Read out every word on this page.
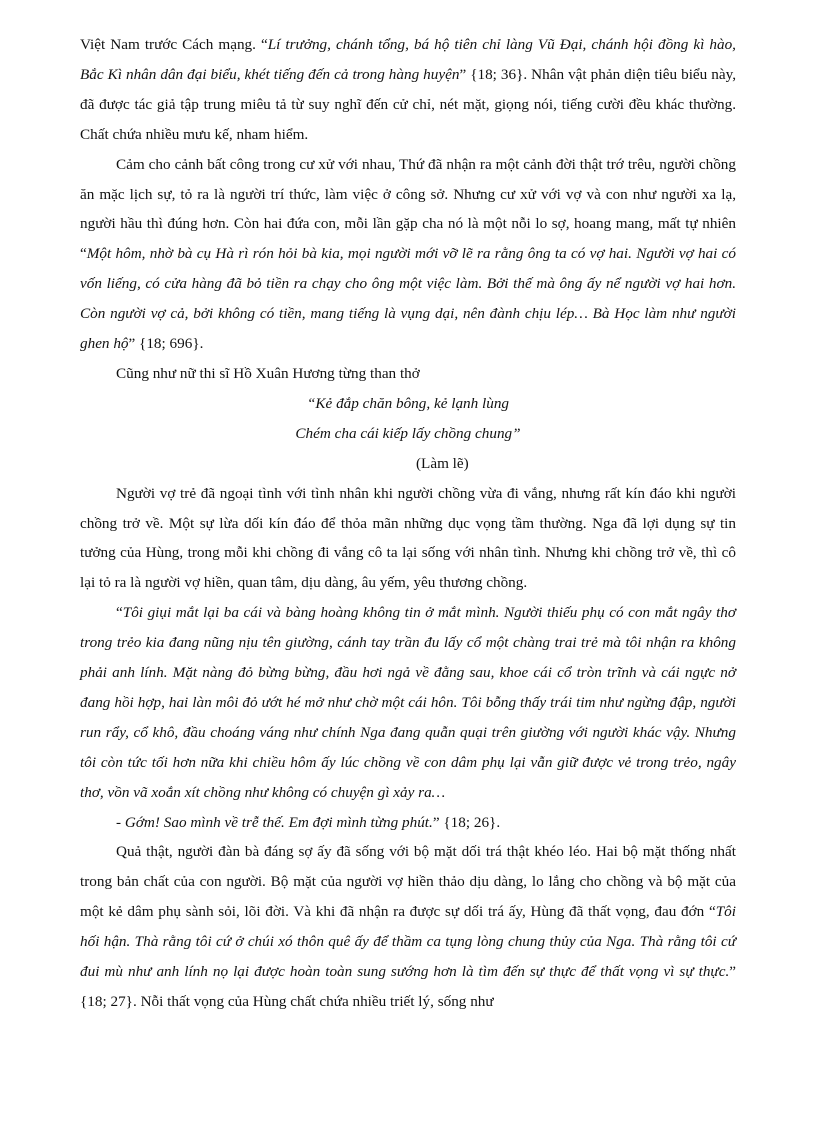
Việt Nam trước Cách mạng. “Lí trưởng, chánh tổng, bá hộ tiên chỉ làng Vũ Đại, chánh hội đồng kì hào, Bắc Kì nhân dân đại biểu, khét tiếng đến cả trong hàng huyện” {18; 36}. Nhân vật phản diện tiêu biểu này, đã được tác giả tập trung miêu tả từ suy nghĩ đến cử chỉ, nét mặt, giọng nói, tiếng cười đều khác thường. Chất chứa nhiều mưu kế, nham hiểm.

Cảm cho cảnh bất công trong cư xử với nhau, Thứ đã nhận ra một cảnh đời thật trớ trêu, người chồng ăn mặc lịch sự, tỏ ra là người trí thức, làm việc ở công sở. Nhưng cư xử với vợ và con như người xa lạ, người hầu thì đúng hơn. Còn hai đứa con, mỗi lần gặp cha nó là một nỗi lo sợ, hoang mang, mất tự nhiên “Một hôm, nhờ bà cụ Hà rì rón hỏi bà kia, mọi người mới vỡ lẽ ra rằng ông ta có vợ hai. Người vợ hai có vốn liếng, có cửa hàng đã bỏ tiền ra chạy cho ông một việc làm. Bởi thế mà ông ấy nể người vợ hai hơn. Còn người vợ cả, bởi không có tiền, mang tiếng là vụng dại, nên đành chịu lép… Bà Học làm như người ghen hộ” {18; 696}.

Cũng như nữ thi sĩ Hồ Xuân Hương từng than thở

“Kẻ đắp chăn bông, kẻ lạnh lùng

Chém cha cái kiếp lấy chồng chung”

(Làm lẽ)

Người vợ trẻ đã ngoại tình với tình nhân khi người chồng vừa đi vắng, nhưng rất kín đáo khi người chồng trở về. Một sự lừa dối kín đáo để thỏa mãn những dục vọng tầm thường. Nga đã lợi dụng sự tin tưởng của Hùng, trong mỗi khi chồng đi vắng cô ta lại sống với nhân tình. Nhưng khi chồng trở về, thì cô lại tỏ ra là người vợ hiền, quan tâm, dịu dàng, âu yếm, yêu thương chồng.

“Tôi giụi mắt lại ba cái và bàng hoàng không tin ở mắt mình. Người thiếu phụ có con mắt ngây thơ trong trẻo kia đang nũng nịu tên giường, cánh tay trần đu lấy cổ một chàng trai trẻ mà tôi nhận ra không phải anh lính. Mặt nàng đỏ bừng bừng, đầu hơi ngả về đằng sau, khoe cái cổ tròn trĩnh và cái ngực nở đang hồi hợp, hai làn môi đỏ ướt hé mở như chờ một cái hôn. Tôi bỗng thấy trái tim như ngừng đập, người run rẩy, cổ khô, đầu choáng váng như chính Nga đang quẫn quại trên giường với người khác vậy. Nhưng tôi còn tức tối hơn nữa khi chiều hôm ấy lúc chồng về con dâm phụ lại vẫn giữ được vẻ trong trẻo, ngây thơ, vồn vã xoắn xít chồng như không có chuyện gì xảy ra…

- Gớm! Sao mình về trễ thế. Em đợi mình từng phút.” {18; 26}.

Quả thật, người đàn bà đáng sợ ấy đã sống với bộ mặt dối trá thật khéo léo. Hai bộ mặt thống nhất trong bản chất của con người. Bộ mặt của người vợ hiền thảo dịu dàng, lo lắng cho chồng và bộ mặt của một kẻ dâm phụ sành sỏi, lõi đời. Và khi đã nhận ra được sự dối trá ấy, Hùng đã thất vọng, đau đớn “Tôi hối hận. Thà rằng tôi cứ ở chúi xó thôn quê ấy để thầm ca tụng lòng chung thủy của Nga. Thà rằng tôi cứ đui mù như anh lính nọ lại được hoàn toàn sung sướng hơn là tìm đến sự thực để thất vọng vì sự thực.” {18; 27}. Nỗi thất vọng của Hùng chất chứa nhiều triết lý, sống như
